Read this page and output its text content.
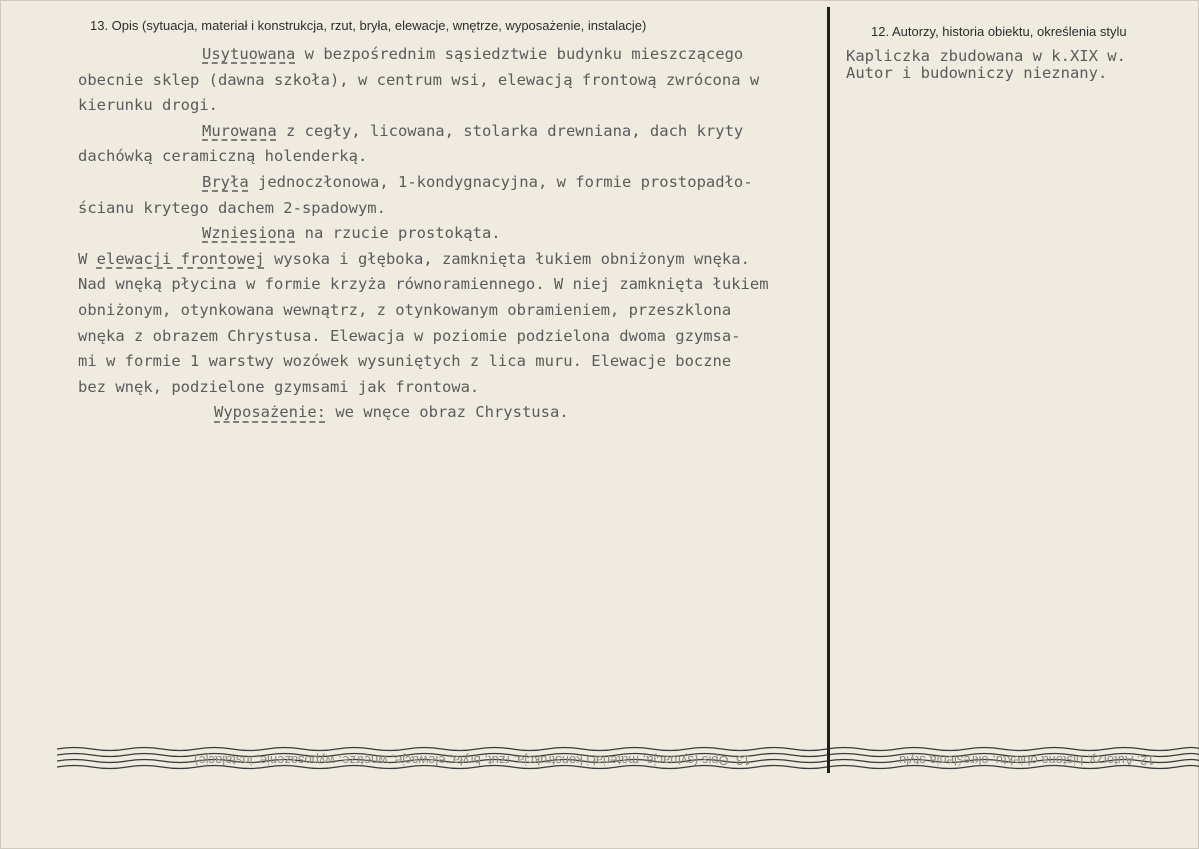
13. Opis (sytuacja, materiał i konstrukcja, rzut, bryła, elewacje, wnętrze, wyposażenie, instalacje)	12. Autorzy, historia obiektu, określenia stylu
Usytuowana w bezpośrednim sąsiedztwie budynku mieszczącego
obecnie sklep (dawna szkoła), w centrum wsi, elewacją frontową zwrócona w
kierunku drogi.
Murowana z cegły, licowana, stolarka drewniana, dach kryty
dachówką ceramiczną holenderką.
Bryła jednoczłonowa, 1-kondygnacyjna, w formie prostopadło-
ścianu krytego dachem 2-spadowym.
Wzniesiona na rzucie prostokąta.
W elewacji frontowej wysoka i głęboka, zamknięta łukiem obniżonym wnęka.
Nad wnęką płycina w formie krzyża równoramiennego. W niej zamknięta łukiem
obniżonym, otynkowana wewnątrz, z otynkowanym obramieniem, przeszklona
wnęka z obrazem Chrystusa. Elewacja w poziomie podzielona dwoma gzymsa-
mi w formie 1 warstwy wozówek wysuniętych z lica muru. Elewacje boczne
bez wnęk, podzielone gzymsami jak frontowa.
Wyposażenie: we wnęce obraz Chrystusa.
Kapliczka zbudowana w k.XIX w.
Autor i budowniczy nieznany.
13. Opis (sytuacja, materiał i konstrukcja, rzut, bryła, elewacje, wnętrze, wyposażenie, instalacje)	12. Autorzy, historia obiektu, określenia stylu
